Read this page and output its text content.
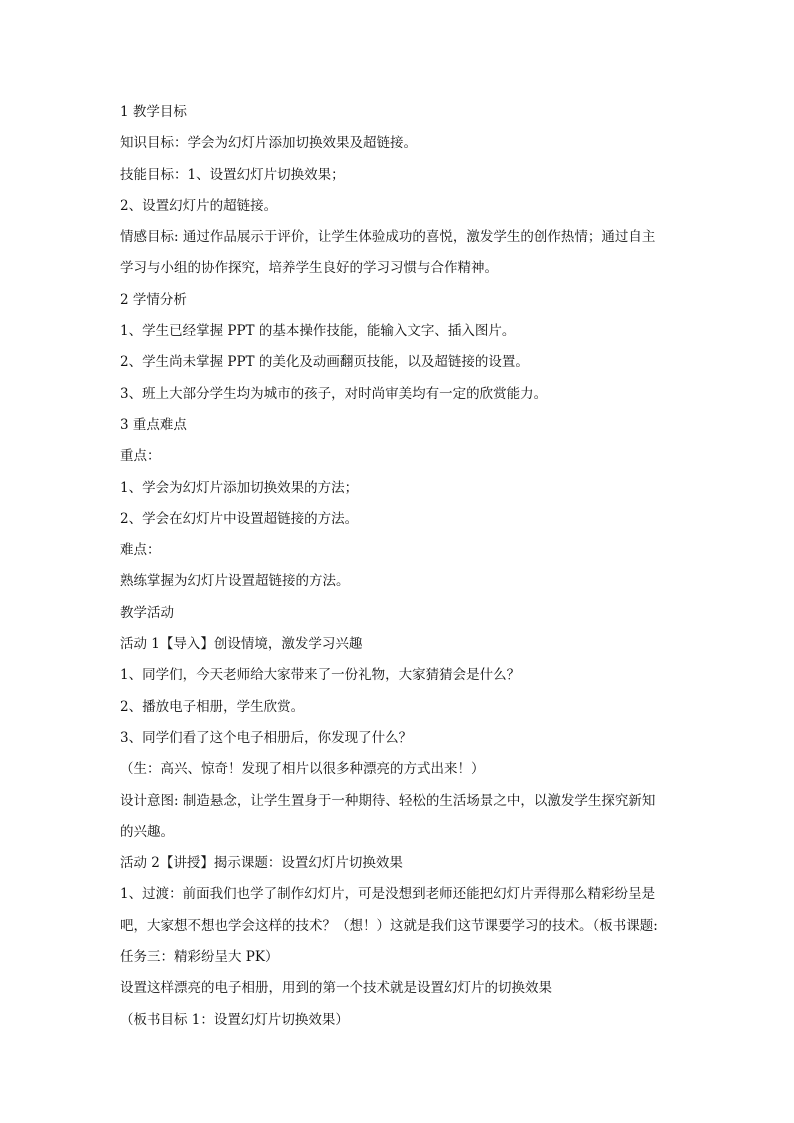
1 教学目标
知识目标：学会为幻灯片添加切换效果及超链接。
技能目标：1、设置幻灯片切换效果；
2、设置幻灯片的超链接。
情感目标: 通过作品展示于评价，让学生体验成功的喜悦，激发学生的创作热情；通过自主
学习与小组的协作探究，培养学生良好的学习习惯与合作精神。
2 学情分析
1、学生已经掌握 PPT 的基本操作技能，能输入文字、插入图片。
2、学生尚未掌握 PPT 的美化及动画翻页技能，以及超链接的设置。
3、班上大部分学生均为城市的孩子，对时尚审美均有一定的欣赏能力。
3 重点难点
重点：
1、学会为幻灯片添加切换效果的方法；
2、学会在幻灯片中设置超链接的方法。
难点：
熟练掌握为幻灯片设置超链接的方法。
教学活动
活动 1【导入】创设情境，激发学习兴趣
1、同学们，今天老师给大家带来了一份礼物，大家猜猜会是什么？
2、播放电子相册，学生欣赏。
3、同学们看了这个电子相册后，你发现了什么？
（生：高兴、惊奇！发现了相片以很多种漂亮的方式出来！）
设计意图: 制造悬念，让学生置身于一种期待、轻松的生活场景之中，以激发学生探究新知
的兴趣。
活动 2【讲授】揭示课题：设置幻灯片切换效果
1、过渡：前面我们也学了制作幻灯片，可是没想到老师还能把幻灯片弄得那么精彩纷呈是
吧，大家想不想也学会这样的技术？（想！）这就是我们这节课要学习的技术。（板书课题:
任务三：精彩纷呈大 PK）
设置这样漂亮的电子相册，用到的第一个技术就是设置幻灯片的切换效果
（板书目标 1：设置幻灯片切换效果）
